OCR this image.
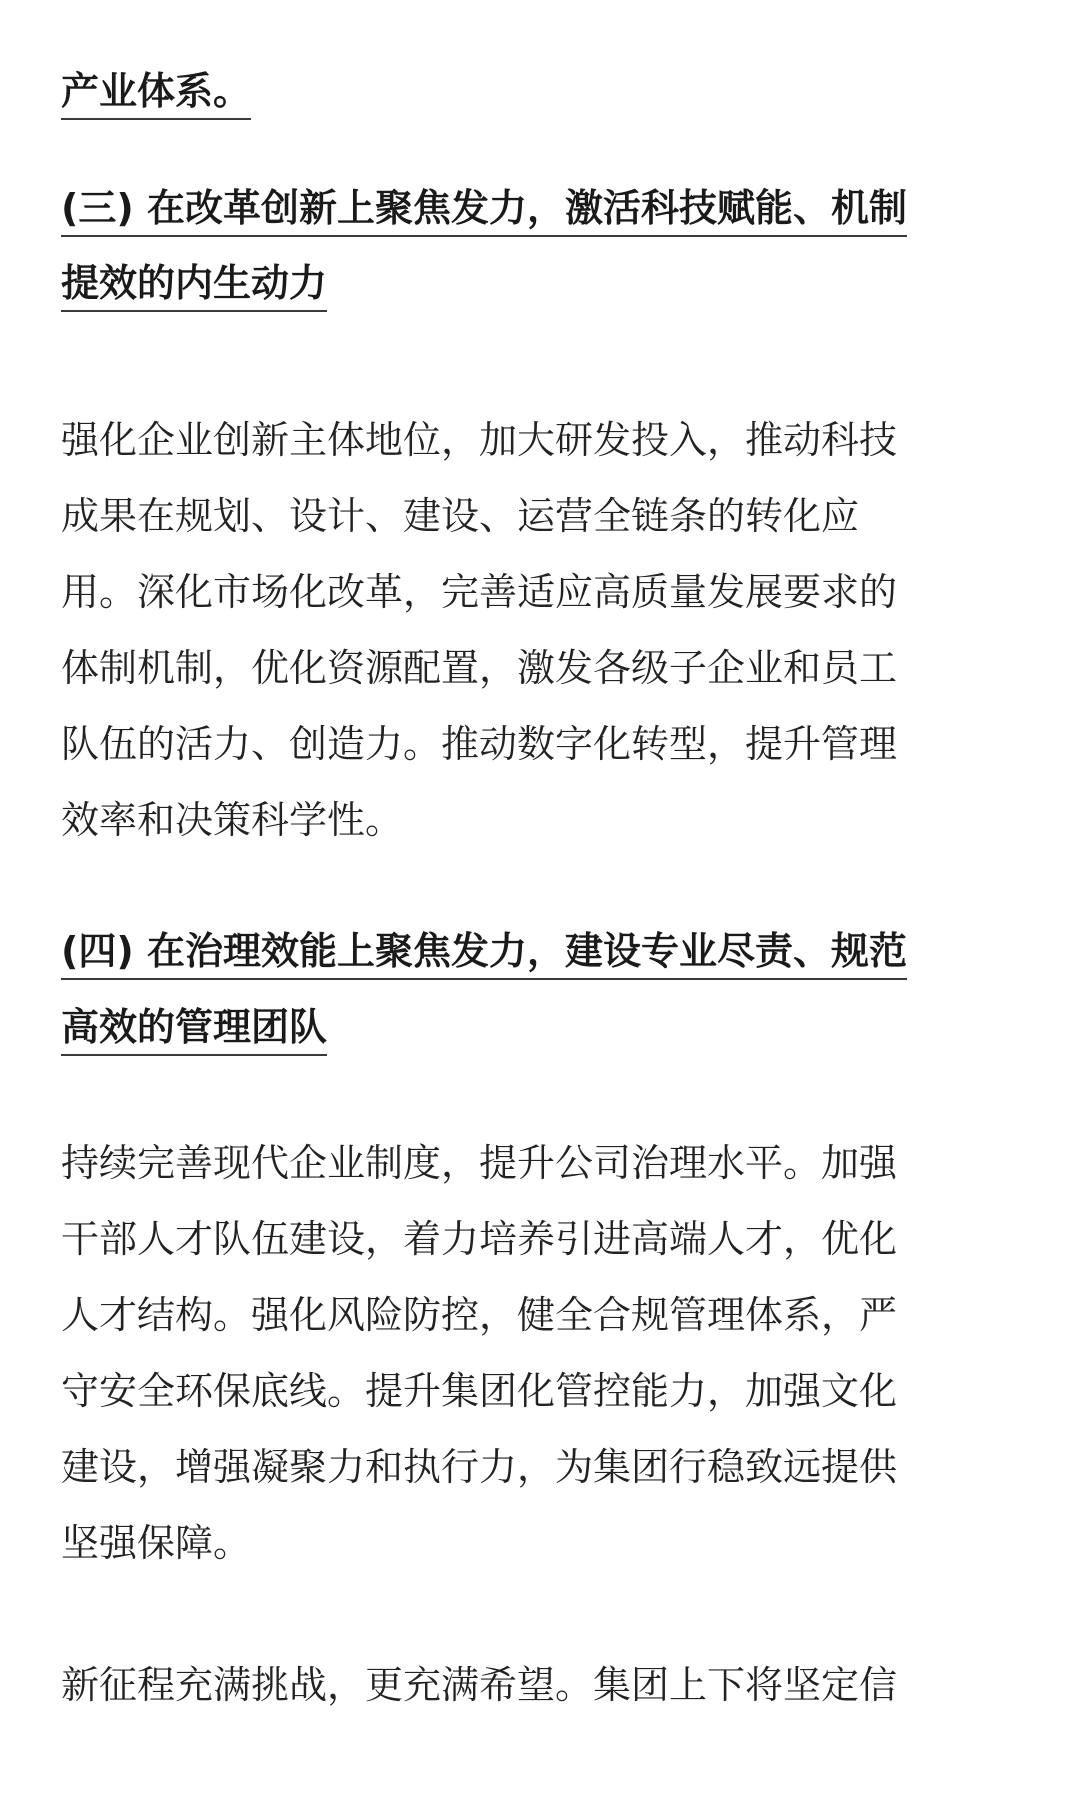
产业体系。
(三) 在改革创新上聚焦发力，激活科技赋能、机制
提效的内生动力
强化企业创新主体地位，加大研发投入，推动科技
成果在规划、设计、建设、运营全链条的转化应
用。深化市场化改革，完善适应高质量发展要求的
体制机制，优化资源配置，激发各级子企业和员工
队伍的活力、创造力。推动数字化转型，提升管理
效率和决策科学性。
(四) 在治理效能上聚焦发力，建设专业尽责、规范
高效的管理团队
持续完善现代企业制度，提升公司治理水平。加强
干部人才队伍建设，着力培养引进高端人才，优化
人才结构。强化风险防控，健全合规管理体系，严
守安全环保底线。提升集团化管控能力，加强文化
建设，增强凝聚力和执行力，为集团行稳致远提供
坚强保障。
新征程充满挑战，更充满希望。集团上下将坚定信
